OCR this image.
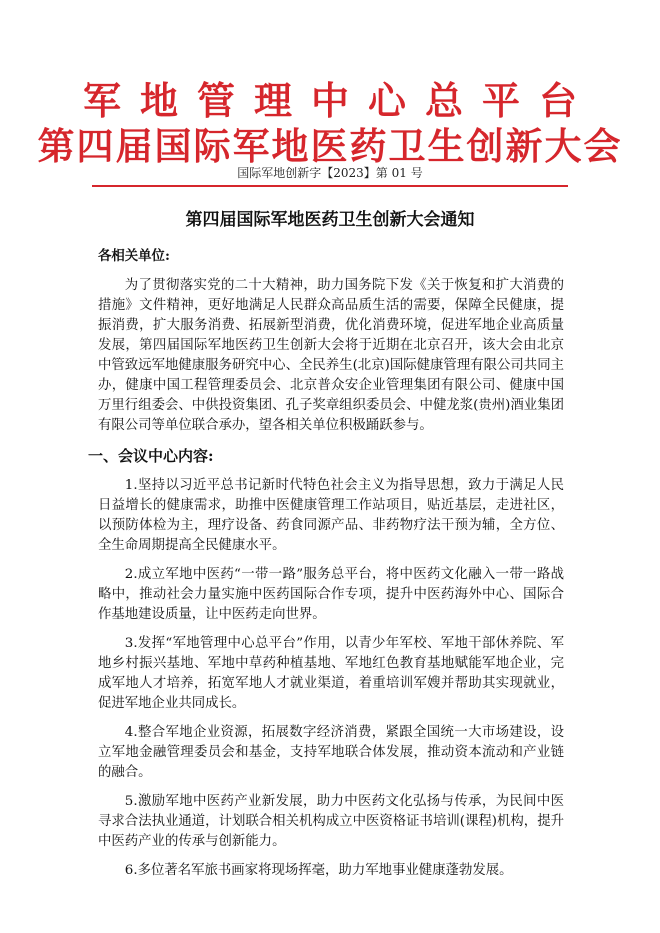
军地管理中心总平台
第四届国际军地医药卫生创新大会
国际军地创新字【2023】第 01 号
第四届国际军地医药卫生创新大会通知

各相关单位:

为了贯彻落实党的二十大精神，助力国务院下发《关于恢复和扩大消费的措施》文件精神，更好地满足人民群众高品质生活的需要，保障全民健康，提振消费，扩大服务消费、拓展新型消费，优化消费环境，促进军地企业高质量发展，第四届国际军地医药卫生创新大会将于近期在北京召开，该大会由北京中管致远军地健康服务研究中心、全民养生(北京)国际健康管理有限公司共同主办，健康中国工程管理委员会、北京普众安企业管理集团有限公司、健康中国万里行组委会、中供投资集团、孔子奖章组织委员会、中健龙浆(贵州)酒业集团有限公司等单位联合承办，望各相关单位积极踊跃参与。

一、会议中心内容:

1.坚持以习近平总书记新时代特色社会主义为指导思想，致力于满足人民日益增长的健康需求，助推中医健康管理工作站项目，贴近基层，走进社区，以预防体检为主，理疗设备、药食同源产品、非药物疗法干预为辅，全方位、全生命周期提高全民健康水平。

2.成立军地中医药“一带一路”服务总平台，将中医药文化融入一带一路战略中，推动社会力量实施中医药国际合作专项，提升中医药海外中心、国际合作基地建设质量，让中医药走向世界。

3.发挥“军地管理中心总平台”作用，以青少年军校、军地干部休养院、军地乡村振兴基地、军地中草药种植基地、军地红色教育基地赋能军地企业，完成军地人才培养，拓宽军地人才就业渠道，着重培训军嫂并帮助其实现就业，促进军地企业共同成长。

4.整合军地企业资源，拓展数字经济消费，紧跟全国统一大市场建设，设立军地金融管理委员会和基金，支持军地联合体发展，推动资本流动和产业链的融合。

5.激励军地中医药产业新发展，助力中医药文化弘扬与传承，为民间中医寻求合法执业通道，计划联合相关机构成立中医资格证书培训(课程)机构，提升中医药产业的传承与创新能力。

6.多位著名军旅书画家将现场挥毫，助力军地事业健康蓬勃发展。
